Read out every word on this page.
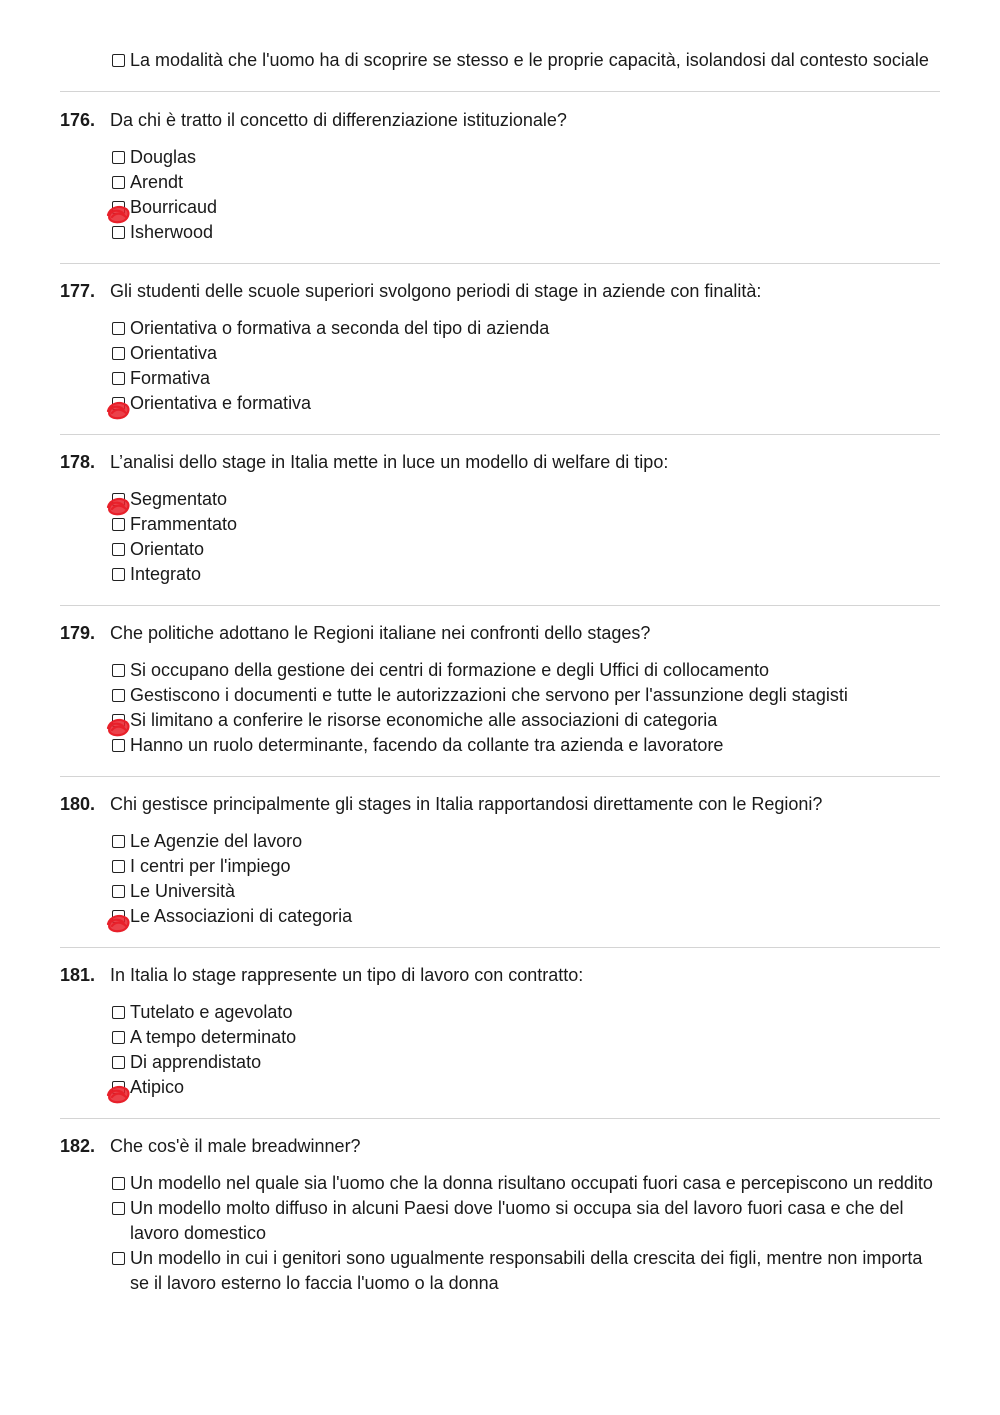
La modalità che l'uomo ha di scoprire se stesso e le proprie capacità, isolandosi dal contesto sociale
176. Da chi è tratto il concetto di differenziazione istituzionale?
Douglas
Arendt
Bourricaud
Isherwood
177. Gli studenti delle scuole superiori svolgono periodi di stage in aziende con finalità:
Orientativa o formativa a seconda del tipo di azienda
Orientativa
Formativa
Orientativa e formativa
178. L’analisi dello stage in Italia mette in luce un modello di welfare di tipo:
Segmentato
Frammentato
Orientato
Integrato
179. Che politiche adottano le Regioni italiane nei confronti dello stages?
Si occupano della gestione dei centri di formazione e degli Uffici di collocamento
Gestiscono i documenti e tutte le autorizzazioni che servono per l'assunzione degli stagisti
Si limitano a conferire le risorse economiche alle associazioni di categoria
Hanno un ruolo determinante, facendo da collante tra azienda e lavoratore
180. Chi gestisce principalmente gli stages in Italia rapportandosi direttamente con le Regioni?
Le Agenzie del lavoro
I centri per l'impiego
Le Università
Le Associazioni di categoria
181. In Italia lo stage rappresente un tipo di lavoro con contratto:
Tutelato e agevolato
A tempo determinato
Di apprendistato
Atipico
182. Che cos'è il male breadwinner?
Un modello nel quale sia l'uomo che la donna risultano occupati fuori casa e percepiscono un reddito
Un modello molto diffuso in alcuni Paesi dove l'uomo si occupa sia del lavoro fuori casa e che del lavoro domestico
Un modello in cui i genitori sono ugualmente responsabili della crescita dei figli, mentre non importa se il lavoro esterno lo faccia l'uomo o la donna
